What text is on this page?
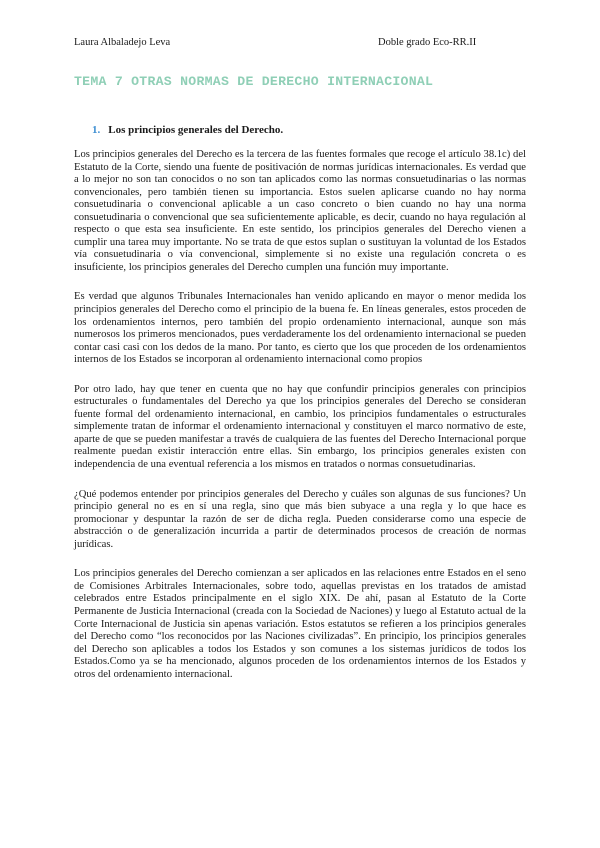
Laura Albaladejo Leva	Doble grado Eco-RR.II
TEMA 7 OTRAS NORMAS DE DERECHO INTERNACIONAL
1. Los principios generales del Derecho.

Los principios generales del Derecho es la tercera de las fuentes formales que recoge el artículo 38.1c) del Estatuto de la Corte, siendo una fuente de positivación de normas jurídicas internacionales. Es verdad que a lo mejor no son tan conocidos o no son tan aplicados como las normas consuetudinarias o las normas convencionales, pero también tienen su importancia. Estos suelen aplicarse cuando no hay norma consuetudinaria o convencional aplicable a un caso concreto o bien cuando no hay una norma consuetudinaria o convencional que sea suficientemente aplicable, es decir, cuando no haya regulación al respecto o que esta sea insuficiente. En este sentido, los principios generales del Derecho vienen a cumplir una tarea muy importante. No se trata de que estos suplan o sustituyan la voluntad de los Estados vía consuetudinaria o vía convencional, simplemente si no existe una regulación concreta o es insuficiente, los principios generales del Derecho cumplen una función muy importante.

Es verdad que algunos Tribunales Internacionales han venido aplicando en mayor o menor medida los principios generales del Derecho como el principio de la buena fe. En líneas generales, estos proceden de los ordenamientos internos, pero también del propio ordenamiento internacional, aunque son más numerosos los primeros mencionados, pues verdaderamente los del ordenamiento internacional se pueden contar casi casi con los dedos de la mano. Por tanto, es cierto que los que proceden de los ordenamientos internos de los Estados se incorporan al ordenamiento internacional como propios

Por otro lado, hay que tener en cuenta que no hay que confundir principios generales con principios estructurales o fundamentales del Derecho ya que los principios generales del Derecho se consideran fuente formal del ordenamiento internacional, en cambio, los principios fundamentales o estructurales simplemente tratan de informar el ordenamiento internacional y constituyen el marco normativo de este, aparte de que se pueden manifestar a través de cualquiera de las fuentes del Derecho Internacional porque realmente puedan existir interacción entre ellas. Sin embargo, los principios generales existen con independencia de una eventual referencia a los mismos en tratados o normas consuetudinarias.

¿Qué podemos entender por principios generales del Derecho y cuáles son algunas de sus funciones? Un principio general no es en sí una regla, sino que más bien subyace a una regla y lo que hace es promocionar y despuntar la razón de ser de dicha regla. Pueden considerarse como una especie de abstracción o de generalización incurrida a partir de determinados procesos de creación de normas jurídicas.

Los principios generales del Derecho comienzan a ser aplicados en las relaciones entre Estados en el seno de Comisiones Arbitrales Internacionales, sobre todo, aquellas previstas en los tratados de amistad celebrados entre Estados principalmente en el siglo XIX. De ahí, pasan al Estatuto de la Corte Permanente de Justicia Internacional (creada con la Sociedad de Naciones) y luego al Estatuto actual de la Corte Internacional de Justicia sin apenas variación. Estos estatutos se refieren a los principios generales del Derecho como “los reconocidos por las Naciones civilizadas”. En principio, los principios generales del Derecho son aplicables a todos los Estados y son comunes a los sistemas jurídicos de todos los Estados.Como ya se ha mencionado, algunos proceden de los ordenamientos internos de los Estados y otros del ordenamiento internacional.
